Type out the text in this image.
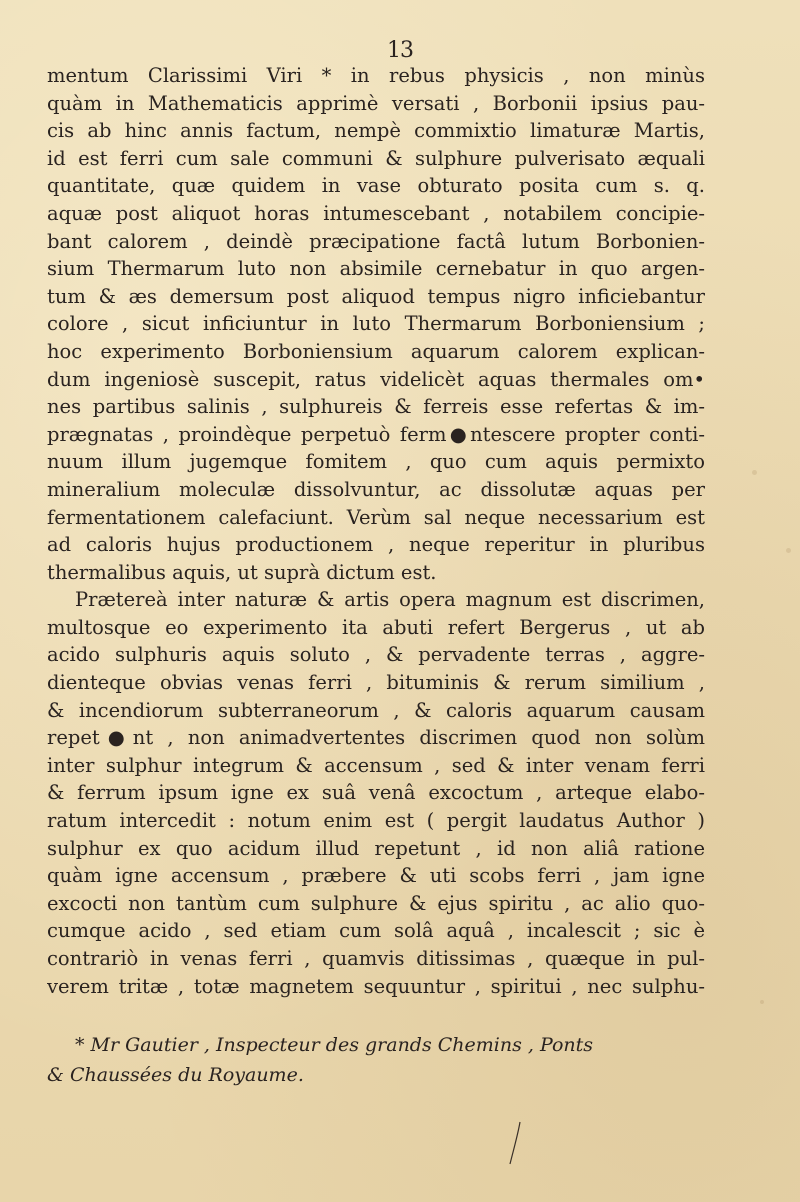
13
mentum Clarissimi Viri * in rebus physicis , non minùs
quàm in Mathematicis apprimè versati , Borbonii ipsius pau-
cis ab hinc annis factum, nempè commixtio limaturæ Martis,
id est ferri cum sale communi & sulphure pulverisato æquali
quantitate, quæ quidem in vase obturato posita cum s. q.
aquæ post aliquot horas intumescebant , notabilem concipie-
bant calorem , deindè præcipatione factâ lutum Borbonien-
sium Thermarum luto non absimile cernebatur in quo argen-
tum & æs demersum post aliquod tempus nigro inficiebantur
colore , sicut inficiuntur in luto Thermarum Borboniensium ;
hoc experimento Borboniensium aquarum calorem explican-
dum ingeniosè suscepit, ratus videlicèt aquas thermales om•
nes partibus salinis , sulphureis & ferreis esse refertas & im-
prægnatas , proindèque perpetuò ferm●ntescere propter conti-
nuum illum jugemque fomitem , quo cum aquis permixto
mineralium moleculæ dissolvuntur, ac dissolutæ aquas per
fermentationem calefaciunt. Verùm sal neque necessarium est
ad caloris hujus productionem , neque reperitur in pluribus
thermalibus aquis, ut suprà dictum est.
Prætereà inter naturæ & artis opera magnum est discrimen,
multosque eo experimento ita abuti refert Bergerus , ut ab
acido sulphuris aquis soluto , & pervadente terras , aggre-
dienteque obvias venas ferri , bituminis & rerum similium ,
& incendiorum subterraneorum , & caloris aquarum causam
repet●nt , non animadvertentes discrimen quod non solùm
inter sulphur integrum & accensum , sed & inter venam ferri
& ferrum ipsum igne ex suâ venâ excoctum , arteque elabo-
ratum intercedit : notum enim est ( pergit laudatus Author )
sulphur ex quo acidum illud repetunt , id non aliâ ratione
quàm igne accensum , præbere & uti scobs ferri , jam igne
excocti non tantùm cum sulphure & ejus spiritu , ac alio quo-
cumque acido , sed etiam cum solâ aquâ , incalescit ; sic è
contrariò in venas ferri , quamvis ditissimas , quæque in pul-
verem tritæ , totæ magnetem sequuntur , spiritui , nec sulphu-
* Mr Gautier , Inspecteur des grands Chemins , Ponts
& Chaussées du Royaume.
